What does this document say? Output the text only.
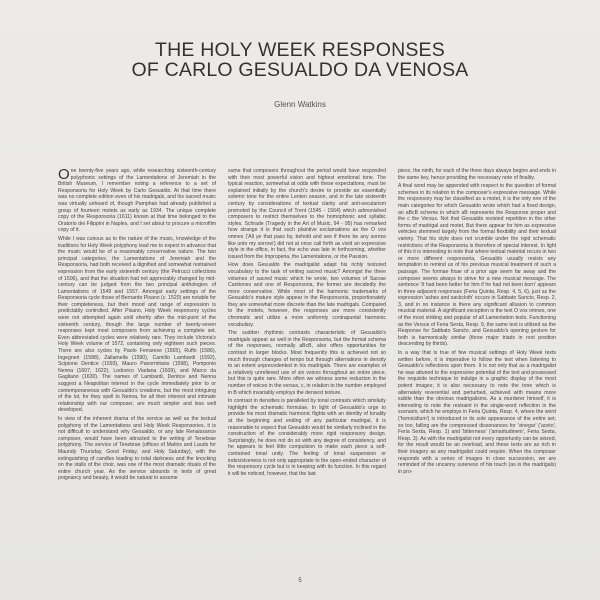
THE HOLY WEEK RESPONSES
OF CARLO GESUALDO DA VENOSA
Glenn Watkins

One twenty-five years ago, while researching sixteenth-century polyphonic settings of the Lamentations of Jeremiah in the British Museum, I remember noting a reference to a set of Responsoria for Holy Week by Carlo Gesualdo. At that time there was no complete edition even of his madrigals, and his sacred music was virtually unheard of, though Pamphan had already published a group of fourteen motets as early as 1934. The unique complete copy of the Responsoria (1611) known at that time belonged to the Oratorio dei Filippini in Naples, and I set about to procure a microfilm copy of it.

While I was curious as to the nature of the music, knowledge of the traditions for Holy Week polyphony lead me to expect in advance that the music would be of a reasonably conservative nature. The two principal categories, the Lamentations of Jeremiah and the Responsoria, had both received a dignified and somewhat restrained expression from the early sixteenth century (the Petrucci collections of 1506), and that the situation had not appreciably changed by mid-century can be judged from the two principal anthologies of Lamentations of 1549 and 1557. Amongst early settings of the Responsoria cycle those of Bernardo Pisano (c. 1520) are notable for their completeness, but their mood and range of expression is predictably controlled. After Pisano, Holy Week responsory cycles were not attempted again until shortly after the mid-point of the sixteenth century, though the large number of twenty-seven responses kept most composers from achieving a complete set. Even abbreviated cycles were relatively rare. They include Victoria's Holy Week volume of 1572, containing only eighteen such pieces. There are also cycles by Paolo Ferrarese (1565), Ruffo (1586), Ingegneri (1588), Zallamella (1590), Camillo Lambardi (1592), Scipione Dentice (1593), Mauro Panormitano (1598), Pomponio Nenna (1607, 1622), Lodovico Viadana (1609), and Marco da Gagliano (1630). The names of Lambardi, Dentice and Nenna suggest a Neapolitan interest in the cycle immediately prior to or contemporaneous with Gesualdo's creations, but the most intriguing of the lot, for they spell to Nenna, for all their interest and intimate relationship with our composer, are much simpler and less well developed.

In view of the inherent drama of the service as well as the textual polyphony of the Lamentations and Holy Week Responsories, it is not difficult to understand why Gesualdo, or any late Renaissance composer, would have been attracted to the writing of Tenebrae polyphony. The service of Tenebrae (offices of Matins and Lauds for Maundy Thursday, Good Friday, and Holy Saturday), with the extinguishing of candles leading to total darkness and the knocking on the stalls of the choir, was one of the most dramatic rituals of the entire church year. As the service abounds in texts of great poignancy and beauty, it would be natural to assume

sume that composers throughout the period would have responded with their most powerful vision and highest emotional tone. The typical reaction, somewhat at odds with these expectations, must be explained initially by the church's desire to provide an essentially solemn tone for the entire Lenten season, and in the late sixteenth century by considerations of textual clarity and anti-secularism promoted by the Council of Trent (1545 - 1564) which admonished composers to restrict themselves to the homophonic and syllabic styles. Schrade (Tragedy in the Art of Music, 94 - 95) has remarked how strange it is that such plaintive exclamations as the O vos omnes ('All ye that pass by, behold and see if there be any sorrow like unto my sorrow') did not at once call forth as vivid an expressive style in the office, in fact, the echo was late in forthcoming, whether issued from the Improperia, the Lamentations, or the Passion.

How does Gesualdo the madrigalist adapt his richly textured vocabulary to the task of writing sacred music? Amongst the three volumes of sacred music which he wrote, two volumes of Sacrae Cantiones and one of Responsoria, the former are decidedly the more conservative. While most of the harmonic trademarks of Gesualdo's mature style appear in the Responsoria, proportionately they are somewhat more discrete than the late madrigals. Compared to the motets, however, the responses are more consistently chromatic and utilize a more uniformly contrapuntal harmonic vocabulary.

The sudden rhythmic contrasts characteristic of Gesualdo's madrigals appear as well in the Responsoria, but the formal schema of the responses, normally aBcB, also offers opportunities for contrast in larger blocks. Most frequently this is achieved not so much through changes of tempo but through alternations in density to an extent unprecedented in his madrigals. There are examples of a relatively unrelieved use of six voices throughout an entire piece, but this is quite rare. More often we witness some reduction in the number of voices in the versus, c, in relation to the number employed in B which invariably employs the densest texture.

In contrast in densities is paralleled by tonal contrasts which similarly highlight the schematic formulae. In light of Gesualdo's urge to provide his most dramatic harmonic flights with an identity of tonality at the beginning and ending of any particular madrigal, it is reasonable to expect that Gesualdo would be similarly inclined in the construction of the considerably more rigid responsory design. Surprisingly, he does not do so with any degree of consistency, and he appears to feel little compulsion to make each piece a self-contained tonal unity. The feeling of tonal suspension or indecisiveness is not only appropriate to the open-ended character of the responsory cycle but is in keeping with its function. In this regard it will be noticed, however, that the last

piece, the ninth, for each of the three days always begins and ends in the same key, hence providing the necessary note of finality.

A final word may be appended with respect to the question of formal schemes in its relation to the composer's expressive message. While the responsory may be classified as a motet, it is the only one of the main categories for which Gesualdo wrote which had a fixed design, an aBcB scheme in which aB represents the Response proper and the c the Versus. Not that Gesualdo resisted repetition in the other forms of madrigal and motet. But there appear for him as expressive vehicles stemmed largely from the formal flexibility and their textual variety. That his style does not crumble under the rigid schematic restrictions of the Responsoria is therefore of special interest. In light of this it is interesting to note that where textual material recurs in two or more different responsoria, Gesualdo usually resists any temptation to remind us of his previous musical treatment of such a passage. The formae fixae of a prior age seem far away and the composer seems always to strive for a new musical message. The sentence 'It had been better for him if he had not been born' appears in three adjacent responses (Feria Quinta, Resp. 4, 5, 6), just as the expression 'ashes and sackcloth' occurs in Sabbato Sancto, Resp. 2, 3, and in no instance is there any significant allusion to common musical material. A significant exception is the text O vos omnes, one of the most striking and popular of all Lamentation texts. Functioning as the Versus of Feria Sexta, Resp. 9, the same text is utilized as the Response for Sabbato Sancto, and Gesualdo's opening gesture for both is harmonically similar (three major triads in root position descending by thirds).

In a way that is true of few musical settings of Holy Week texts written before, it is imperative to follow the text when listening to Gesualdo's reflections upon them. It is not only that as a madrigalist he was attuned to the expressive potential of the text and possessed the requisite technique to indulge in a graphic display of the most potent images; it is also necessary to note the tone which is alternately reverential and perturbed, achieved with means more subtle than the obvious madrigalisms. As a murderer himself, it is interesting to note the restraint in the single-word reflection in the scenario, which he employs in Feria Quinta, Resp. 4, where the word ('homicidium') is introduced in its sole appearance of the entire set; so too, falling are the compressed dissonances for 'vinegar' ('aceto', Feria Sexta, Resp. 1) and 'bitterness' ('amaritudinem', Feria Sexta, Resp. 3). As with the madrigalist not every opportunity can be seized, for the result would be an overload, and these texts are as rich in their imagery as any madrigalist could require. When the composer responds with a series of images in close succession, we are reminded of the uncanny sureness of his touch (as in the madrigals) in pro-

5
